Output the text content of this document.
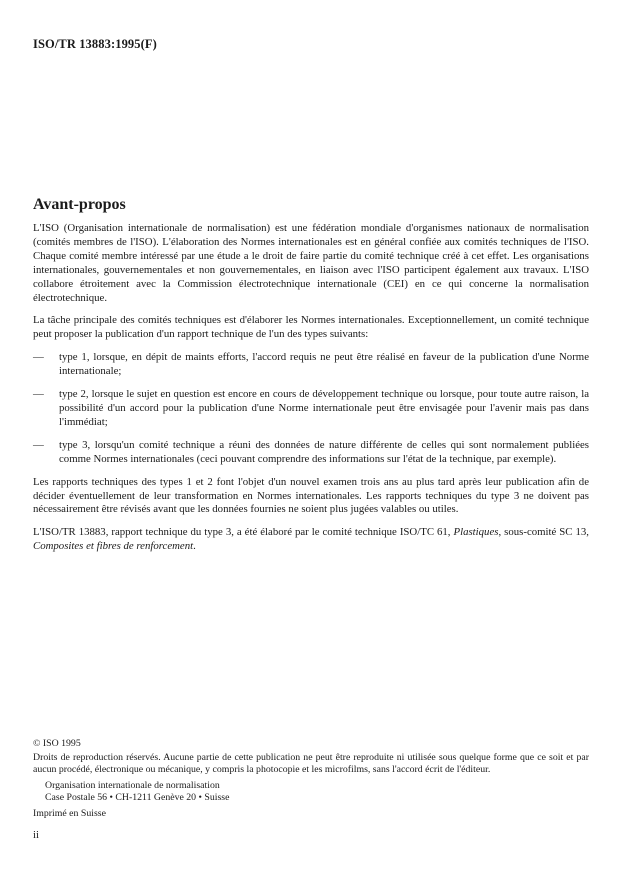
ISO/TR 13883:1995(F)
Avant-propos

L'ISO (Organisation internationale de normalisation) est une fédération mondiale d'organismes nationaux de normalisation (comités membres de l'ISO). L'élaboration des Normes internationales est en général confiée aux comités techniques de l'ISO. Chaque comité membre intéressé par une étude a le droit de faire partie du comité technique créé à cet effet. Les organisations internationales, gouvernementales et non gouvernementales, en liaison avec l'ISO participent également aux travaux. L'ISO collabore étroitement avec la Commission électrotechnique internationale (CEI) en ce qui concerne la normalisation électrotechnique.

La tâche principale des comités techniques est d'élaborer les Normes internationales. Exceptionnellement, un comité technique peut proposer la publication d'un rapport technique de l'un des types suivants:

— type 1, lorsque, en dépit de maints efforts, l'accord requis ne peut être réalisé en faveur de la publication d'une Norme internationale;
— type 2, lorsque le sujet en question est encore en cours de développement technique ou lorsque, pour toute autre raison, la possibilité d'un accord pour la publication d'une Norme internationale peut être envisagée pour l'avenir mais pas dans l'immédiat;
— type 3, lorsqu'un comité technique a réuni des données de nature différente de celles qui sont normalement publiées comme Normes internationales (ceci pouvant comprendre des informations sur l'état de la technique, par exemple).

Les rapports techniques des types 1 et 2 font l'objet d'un nouvel examen trois ans au plus tard après leur publication afin de décider éventuellement de leur transformation en Normes internationales. Les rapports techniques du type 3 ne doivent pas nécessairement être révisés avant que les données fournies ne soient plus jugées valables ou utiles.

L'ISO/TR 13883, rapport technique du type 3, a été élaboré par le comité technique ISO/TC 61, Plastiques, sous-comité SC 13, Composites et fibres de renforcement.

© ISO 1995
Droits de reproduction réservés. Aucune partie de cette publication ne peut être reproduite ni utilisée sous quelque forme que ce soit et par aucun procédé, électronique ou mécanique, y compris la photocopie et les microfilms, sans l'accord écrit de l'éditeur.
Organisation internationale de normalisation
Case Postale 56 • CH-1211 Genève 20 • Suisse
Imprimé en Suisse
ii
